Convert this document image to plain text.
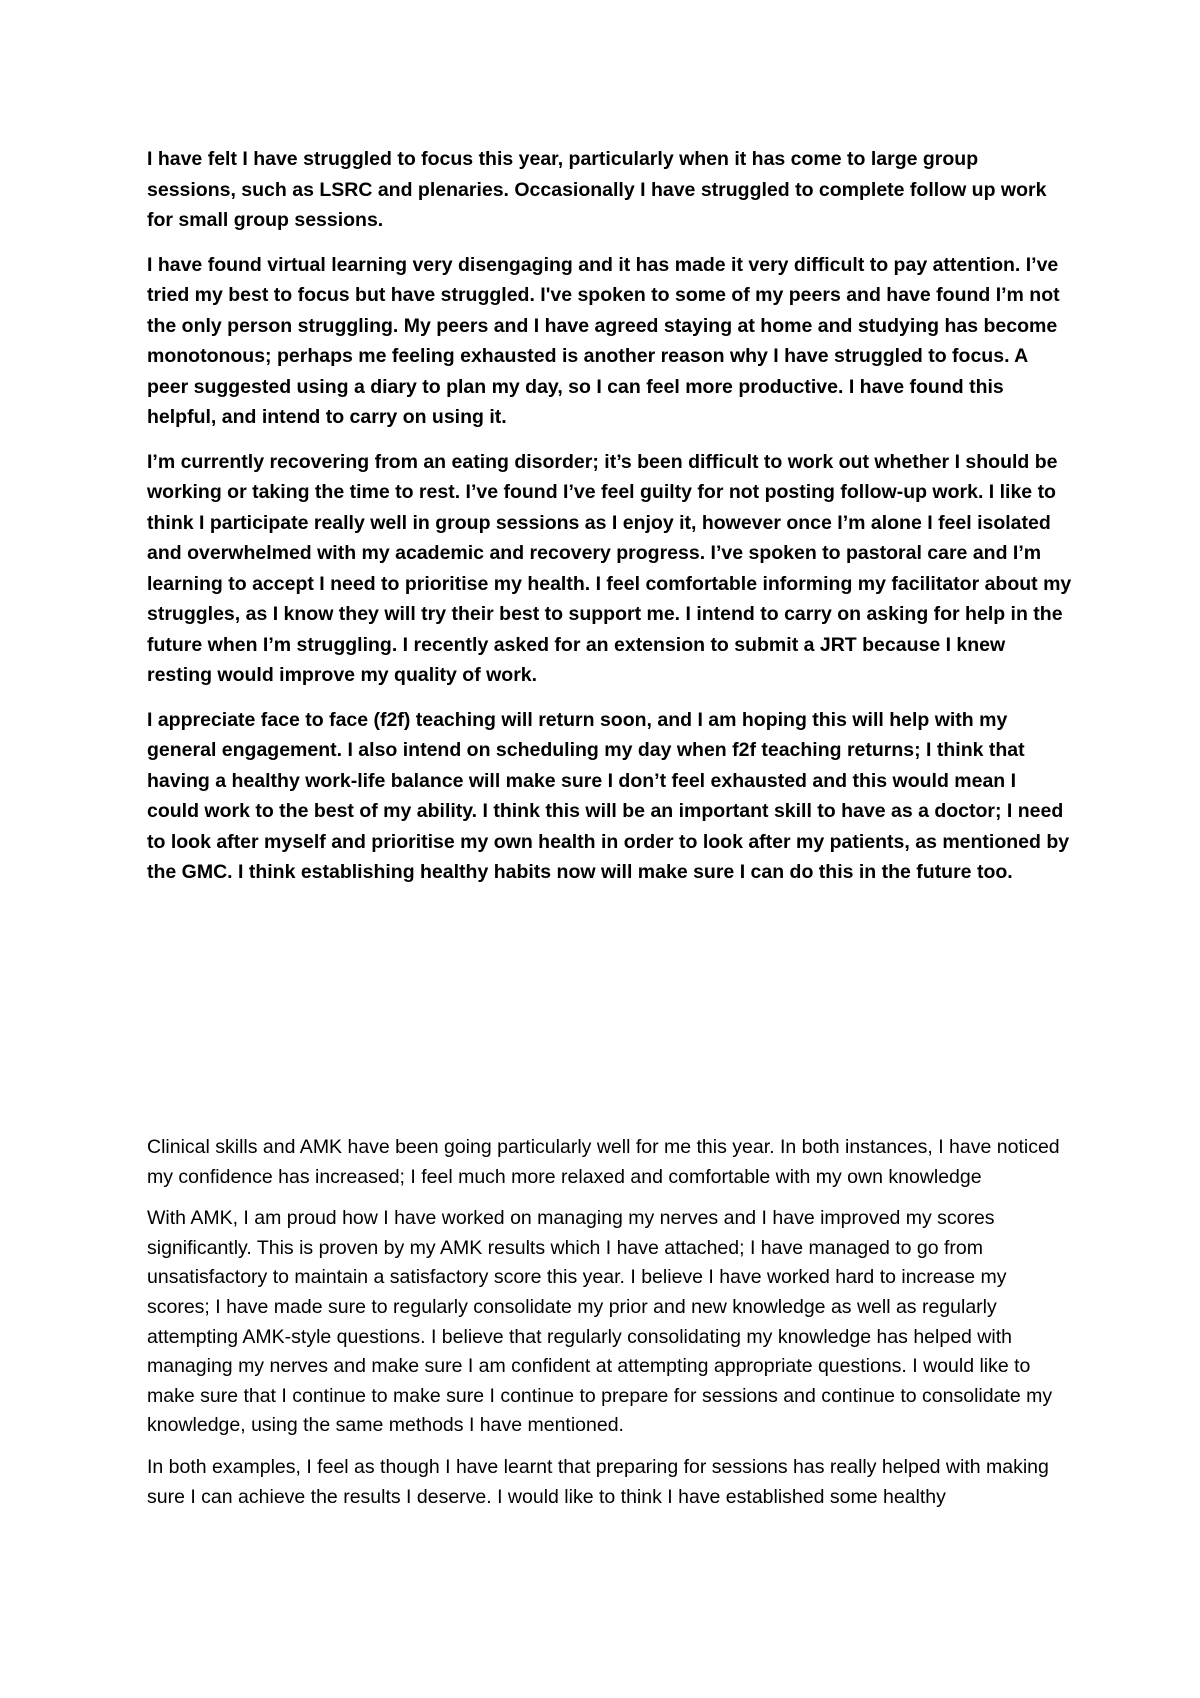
I have felt I have struggled to focus this year, particularly when it has come to large group sessions, such as LSRC and plenaries. Occasionally I have struggled to complete follow up work for small group sessions.

I have found virtual learning very disengaging and it has made it very difficult to pay attention. I’ve tried my best to focus but have struggled. I've spoken to some of my peers and have found I’m not the only person struggling. My peers and I have agreed staying at home and studying has become monotonous; perhaps me feeling exhausted is another reason why I have struggled to focus. A peer suggested using a diary to plan my day, so I can feel more productive. I have found this helpful, and intend to carry on using it.

I’m currently recovering from an eating disorder; it’s been difficult to work out whether I should be working or taking the time to rest. I’ve found I’ve feel guilty for not posting follow-up work. I like to think I participate really well in group sessions as I enjoy it, however once I’m alone I feel isolated and overwhelmed with my academic and recovery progress. I’ve spoken to pastoral care and I’m learning to accept I need to prioritise my health. I feel comfortable informing my facilitator about my struggles, as I know they will try their best to support me. I intend to carry on asking for help in the future when I’m struggling. I recently asked for an extension to submit a JRT because I knew resting would improve my quality of work.

I appreciate face to face (f2f) teaching will return soon, and I am hoping this will help with my general engagement. I also intend on scheduling my day when f2f teaching returns; I think that having a healthy work-life balance will make sure I don’t feel exhausted and this would mean I could work to the best of my ability. I think this will be an important skill to have as a doctor; I need to look after myself and prioritise my own health in order to look after my patients, as mentioned by the GMC. I think establishing healthy habits now will make sure I can do this in the future too.

Clinical skills and AMK have been going particularly well for me this year. In both instances, I have noticed my confidence has increased; I feel much more relaxed and comfortable with my own knowledge

With AMK, I am proud how I have worked on managing my nerves and I have improved my scores significantly. This is proven by my AMK results which I have attached; I have managed to go from unsatisfactory to maintain a satisfactory score this year. I believe I have worked hard to increase my scores; I have made sure to regularly consolidate my prior and new knowledge as well as regularly attempting AMK-style questions. I believe that regularly consolidating my knowledge has helped with managing my nerves and make sure I am confident at attempting appropriate questions. I would like to make sure that I continue to make sure I continue to prepare for sessions and continue to consolidate my knowledge, using the same methods I have mentioned.

In both examples, I feel as though I have learnt that preparing for sessions has really helped with making sure I can achieve the results I deserve. I would like to think I have established some healthy
